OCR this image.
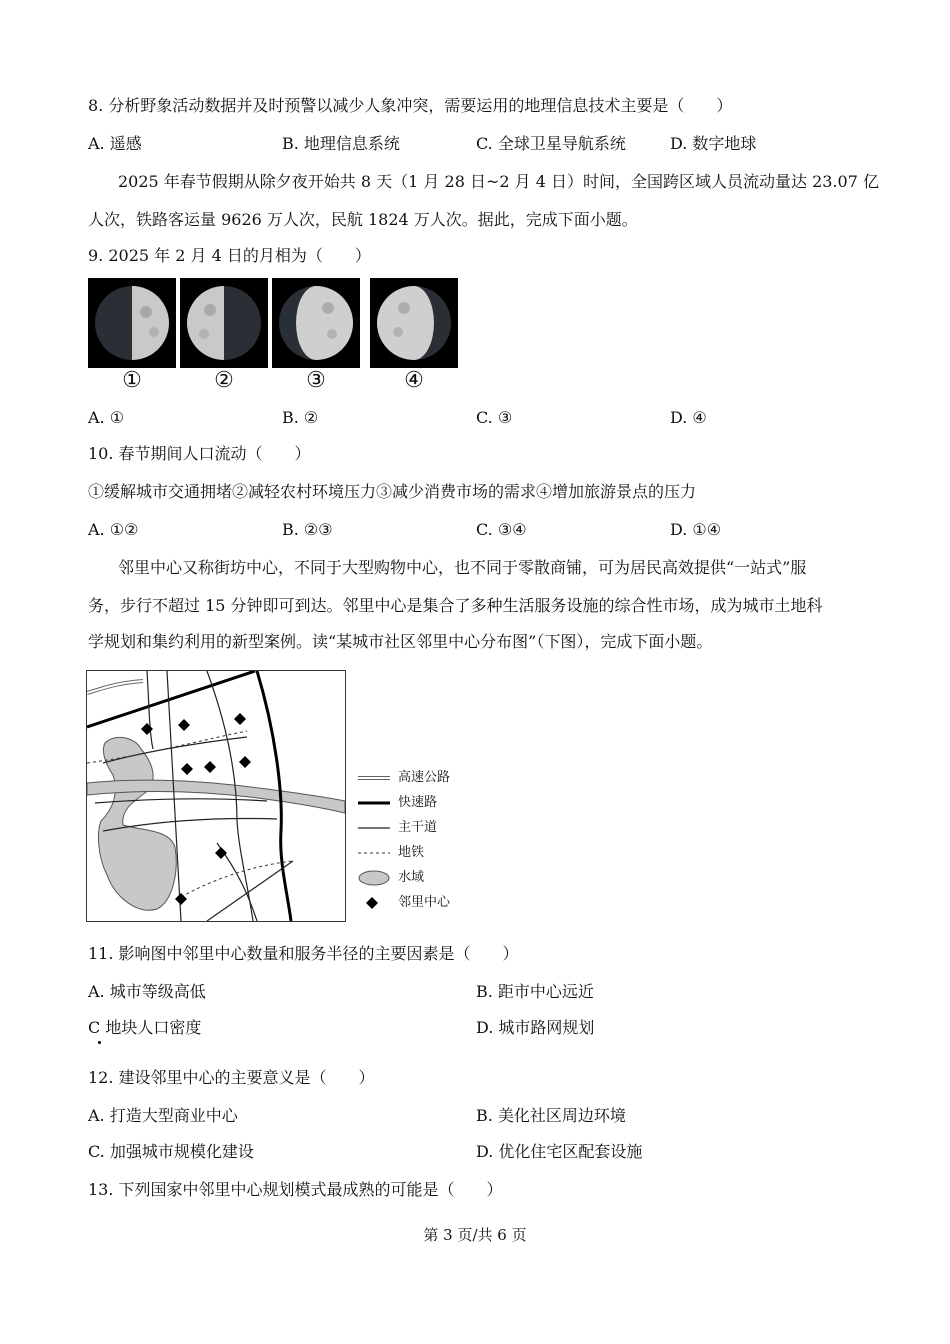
8. 分析野象活动数据并及时预警以减少人象冲突，需要运用的地理信息技术主要是（　　）
A. 遥感	B. 地理信息系统	C. 全球卫星导航系统	D. 数字地球
2025 年春节假期从除夕夜开始共 8 天（1 月 28 日~2 月 4 日）时间，全国跨区域人员流动量达 23.07 亿
人次，铁路客运量 9626 万人次，民航 1824 万人次。据此，完成下面小题。
9. 2025 年 2 月 4 日的月相为（　　）
①	②	③	④
A. ①	B. ②	C. ③	D. ④
10. 春节期间人口流动（　　）
①缓解城市交通拥堵②减轻农村环境压力③减少消费市场的需求④增加旅游景点的压力
A. ①②	B. ②③	C. ③④	D. ①④
邻里中心又称街坊中心，不同于大型购物中心，也不同于零散商铺，可为居民高效提供“一站式”服
务，步行不超过 15 分钟即可到达。邻里中心是集合了多种生活服务设施的综合性市场，成为城市土地科
学规划和集约利用的新型案例。读“某城市社区邻里中心分布图”（下图），完成下面小题。
高速公路
快速路
主干道
地铁
水域
邻里中心
11. 影响图中邻里中心数量和服务半径的主要因素是（　　）
A. 城市等级高低	B. 距市中心远近
C 地块人口密度	D. 城市路网规划
12. 建设邻里中心的主要意义是（　　）
A. 打造大型商业中心	B. 美化社区周边环境
C. 加强城市规模化建设	D. 优化住宅区配套设施
13. 下列国家中邻里中心规划模式最成熟的可能是（　　）
第 3 页/共 6 页
